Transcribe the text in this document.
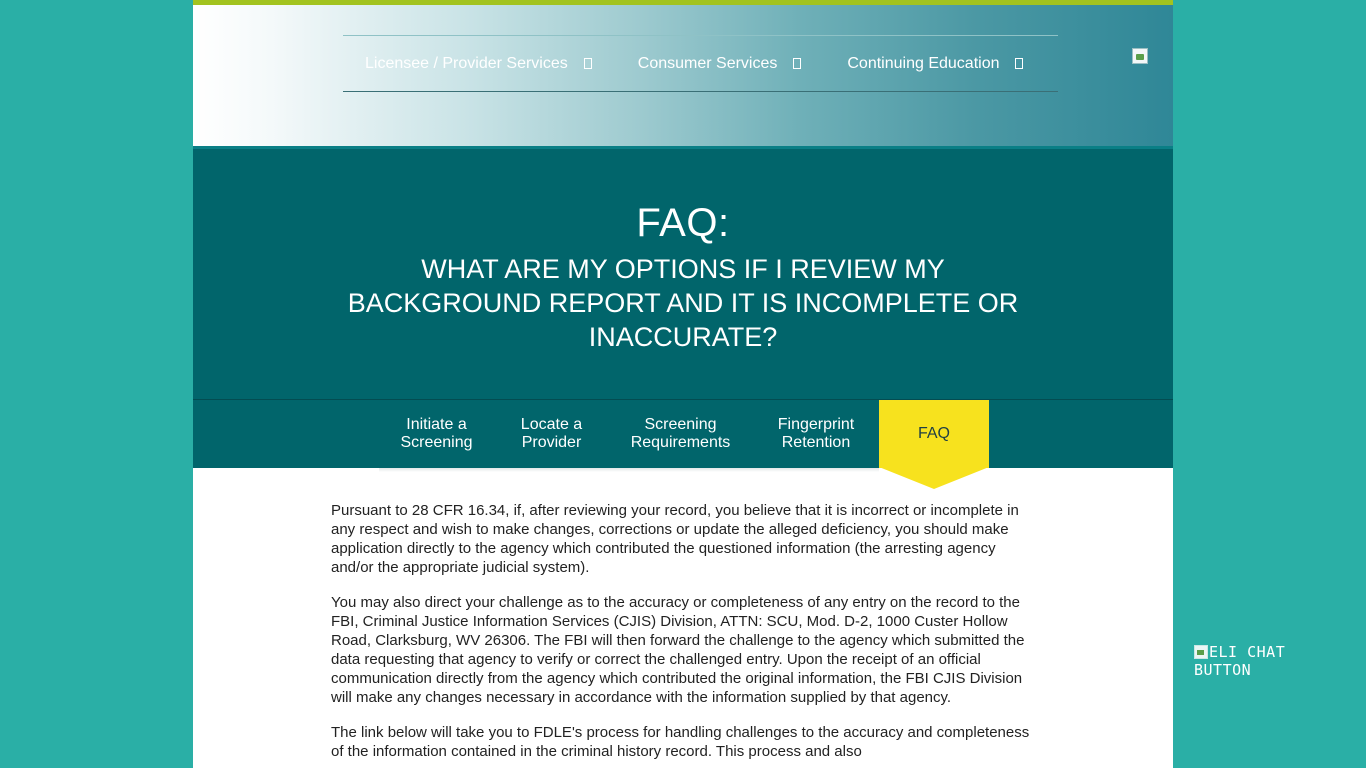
Licensee / Provider Services	Consumer Services	Continuing Education
FAQ:
WHAT ARE MY OPTIONS IF I REVIEW MY BACKGROUND REPORT AND IT IS INCOMPLETE OR INACCURATE?
Initiate a
Screening
Locate a
Provider
Screening
Requirements
Fingerprint
Retention
FAQ

Pursuant to 28 CFR 16.34, if, after reviewing your record, you believe that it is incorrect or incomplete in any respect and wish to make changes, corrections or update the alleged deficiency, you should make application directly to the agency which contributed the questioned information (the arresting agency and/or the appropriate judicial system).

You may also direct your challenge as to the accuracy or completeness of any entry on the record to the FBI, Criminal Justice Information Services (CJIS) Division, ATTN: SCU, Mod. D-2, 1000 Custer Hollow Road, Clarksburg, WV 26306. The FBI will then forward the challenge to the agency which submitted the data requesting that agency to verify or correct the challenged entry. Upon the receipt of an official communication directly from the agency which contributed the original information, the FBI CJIS Division will make any changes necessary in accordance with the information supplied by that agency.

The link below will take you to FDLE's process for handling challenges to the accuracy and completeness of the information contained in the criminal history record. This process and also

ELI CHAT
BUTTON
